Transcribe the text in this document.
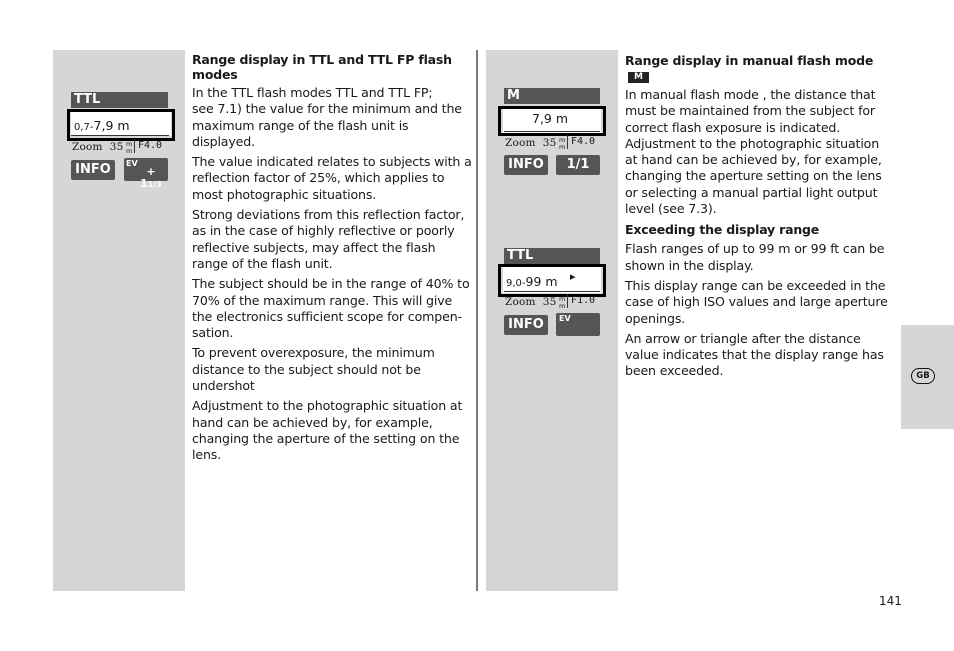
TTL
0,7-7,9 m
Zoom 35 m
m F4.0
INFO	EV
+ 11/3
Range display in TTL and TTL FP flash modes

In the TTL flash modes TTL and TTL FP;

see 7.1) the value for the minimum and the maximum range of the flash unit is displayed.

The value indicated relates to subjects with a reflection factor of 25%, which applies to most photographic situations.

Strong deviations from this reflection factor, as in the case of highly reflective or poorly reflective subjects, may affect the flash range of the flash unit.

The subject should be in the range of 40% to 70% of the maximum range. This will give the electronics sufficient scope for compen-sation.

To prevent overexposure, the minimum distance to the subject should not be undershot

Adjustment to the photographic situation at hand can be achieved by, for example, changing the aperture of the setting on the lens.

M
7,9 m
Zoom 35 m
m F4.0
INFO	1/1
TTL
9,0-99 m ▸
Zoom 35 m
m F1.0
INFO	EV
Range display in manual flash modeM

In manual flash mode , the distance that must be maintained from the subject for correct flash exposure is indicated. Adjustment to the photographic situation at hand can be achieved by, for example, changing the aperture setting on the lens or selecting a manual partial light output level (see 7.3).

Exceeding the display range

Flash ranges of up to 99 m or 99 ft can be shown in the display.

This display range can be exceeded in the case of high ISO values and large aperture openings.

An arrow or triangle after the distance value indicates that the display range has been exceeded.	GB
141
